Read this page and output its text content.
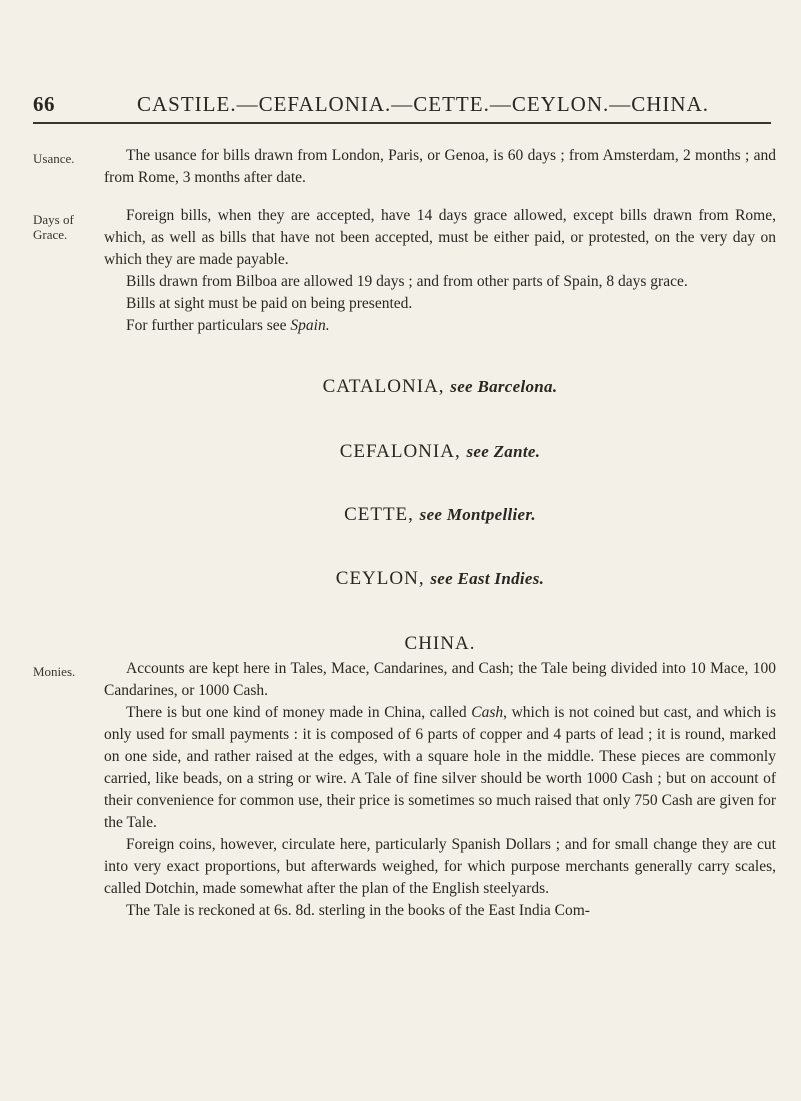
66	CASTILE.—CEFALONIA.—CETTE.—CEYLON.—CHINA.
Usance.	The usance for bills drawn from London, Paris, or Genoa, is 60 days ; from Amsterdam, 2 months ; and from Rome, 3 months after date.

Days of Grace.

Foreign bills, when they are accepted, have 14 days grace allowed, except bills drawn from Rome, which, as well as bills that have not been accepted, must be either paid, or protested, on the very day on which they are made payable.

Bills drawn from Bilboa are allowed 19 days ; and from other parts of Spain, 8 days grace.

Bills at sight must be paid on being presented.

For further particulars see Spain.

CATALONIA, see Barcelona.
CEFALONIA, see Zante.
CETTE, see Montpellier.
CEYLON, see East Indies.
CHINA.
Monies.	Accounts are kept here in Tales, Mace, Candarines, and Cash; the Tale being divided into 10 Mace, 100 Candarines, or 1000 Cash.

There is but one kind of money made in China, called Cash, which is not coined but cast, and which is only used for small payments : it is composed of 6 parts of copper and 4 parts of lead ; it is round, marked on one side, and rather raised at the edges, with a square hole in the middle. These pieces are commonly carried, like beads, on a string or wire. A Tale of fine silver should be worth 1000 Cash ; but on account of their convenience for common use, their price is sometimes so much raised that only 750 Cash are given for the Tale.

Foreign coins, however, circulate here, particularly Spanish Dollars ; and for small change they are cut into very exact proportions, but afterwards weighed, for which purpose merchants generally carry scales, called Dotchin, made somewhat after the plan of the English steelyards.

The Tale is reckoned at 6s. 8d. sterling in the books of the East India Com-
